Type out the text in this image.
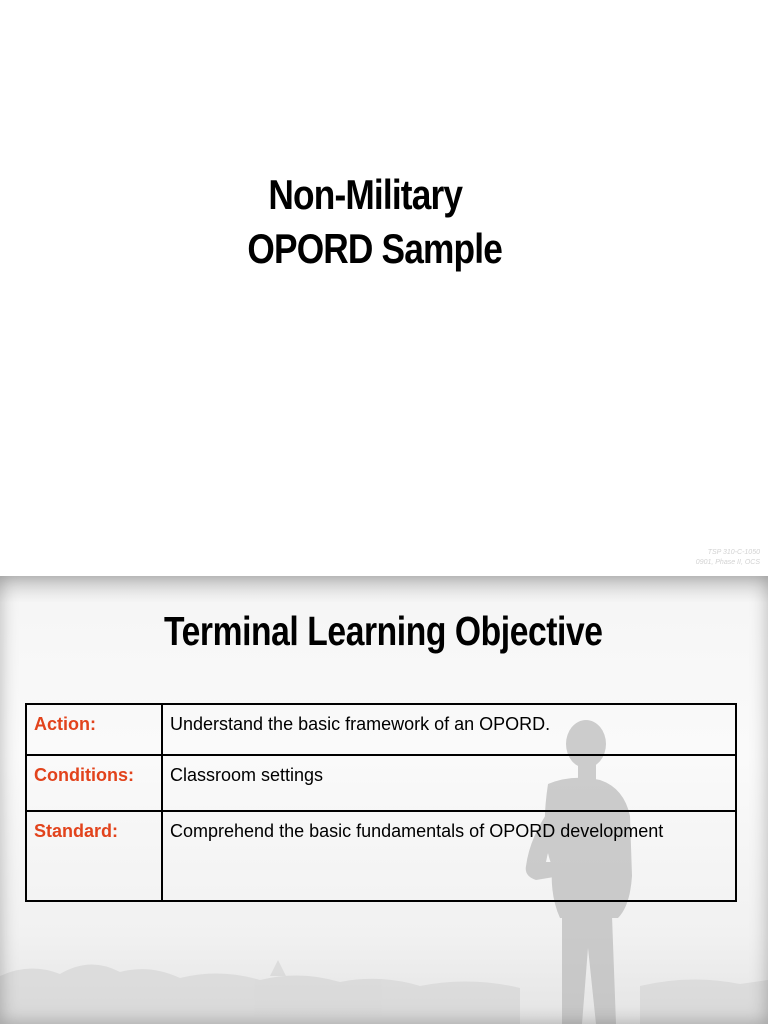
Non-Military
OPORD Sample
TSP 310-C-1050
0901, Phase II, OCS
Terminal Learning Objective
Action:	Understand the basic framework of an OPORD.
Conditions:	Classroom settings
Standard:	Comprehend the basic fundamentals of OPORD development
